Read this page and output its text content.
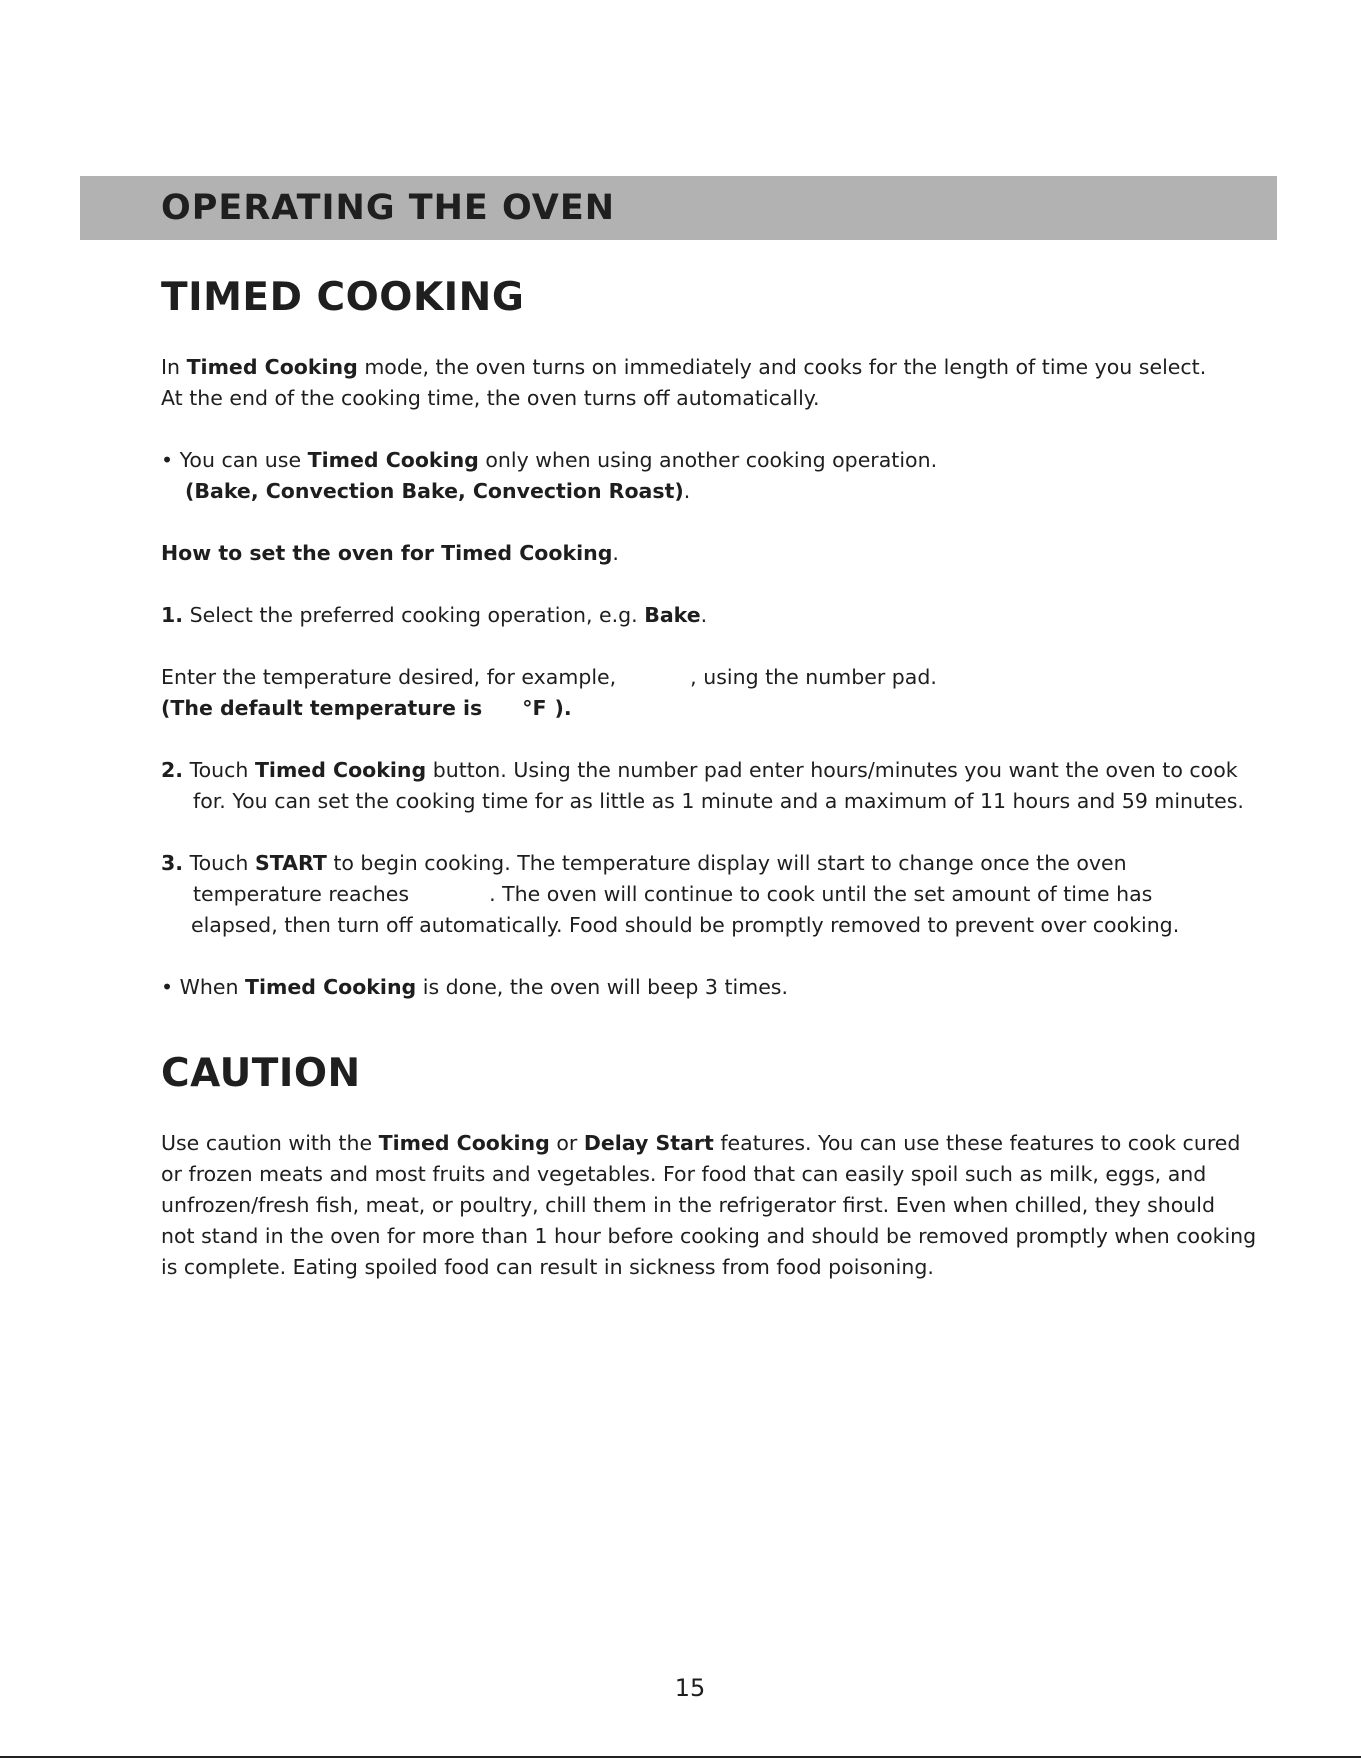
OPERATING THE OVEN
TIMED COOKING

In Timed Cooking mode, the oven turns on immediately and cooks for the length of time you select.
At the end of the cooking time, the oven turns off automatically.

• You can use Timed Cooking only when using another cooking operation.
(Bake, Convection Bake, Convection Roast).

How to set the oven for Timed Cooking.

1. Select the preferred cooking operation, e.g. Bake.

Enter the temperature desired, for example,	, using the number pad.
(The default temperature is °F ).

2. Touch Timed Cooking button. Using the number pad enter hours/minutes you want the oven to cook
for. You can set the cooking time for as little as 1 minute and a maximum of 11 hours and 59 minutes.

3. Touch START to begin cooking. The temperature display will start to change once the oven
temperature reaches	. The oven will continue to cook until the set amount of time has
elapsed, then turn off automatically. Food should be promptly removed to prevent over cooking.

• When Timed Cooking is done, the oven will beep 3 times.

CAUTION

Use caution with the Timed Cooking or Delay Start features. You can use these features to cook cured
or frozen meats and most fruits and vegetables. For food that can easily spoil such as milk, eggs, and
unfrozen/fresh fish, meat, or poultry, chill them in the refrigerator first. Even when chilled, they should
not stand in the oven for more than 1 hour before cooking and should be removed promptly when cooking
is complete. Eating spoiled food can result in sickness from food poisoning.

15
